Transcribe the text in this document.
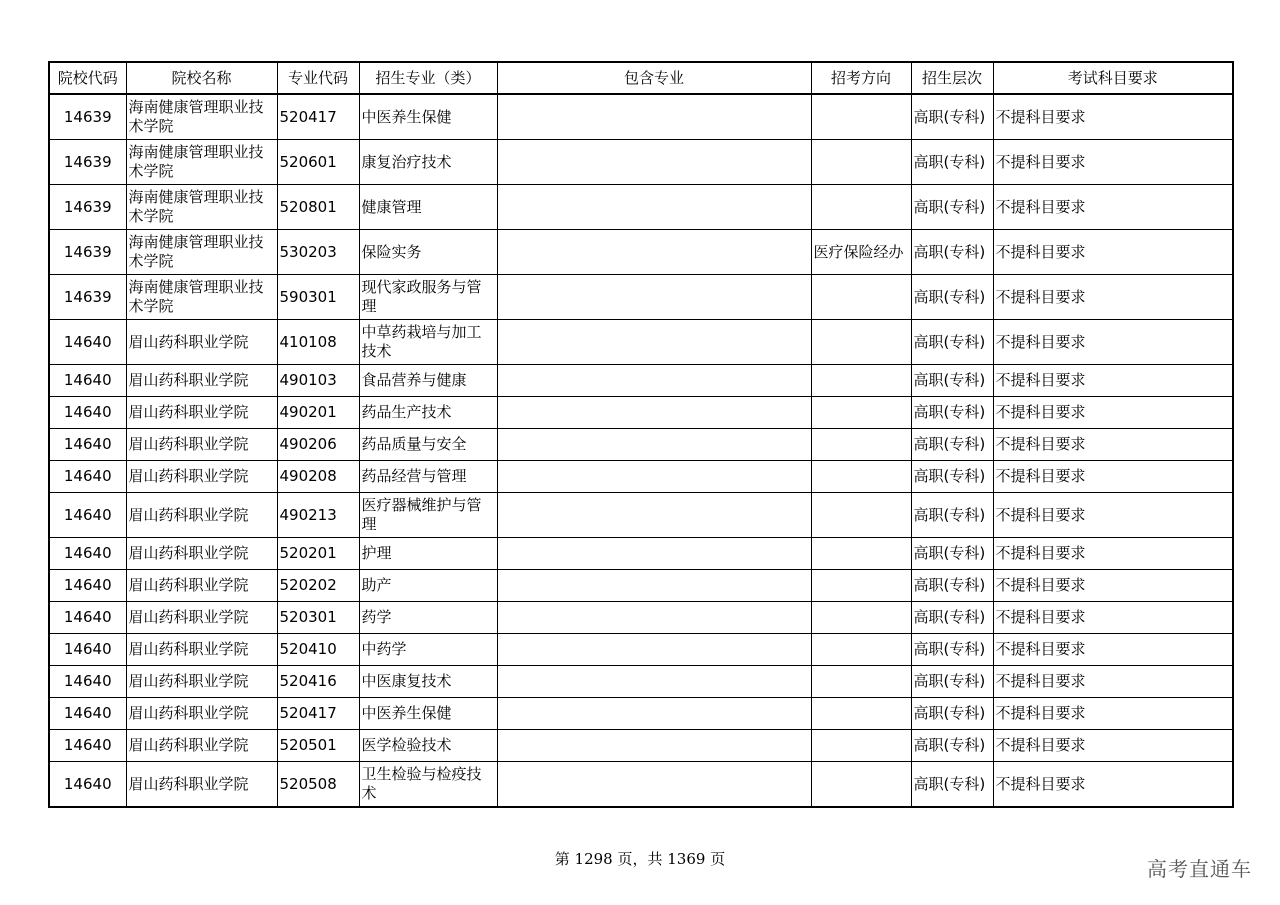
院校代码	院校名称	专业代码	招生专业（类）	包含专业	招考方向	招生层次	考试科目要求
14639	海南健康管理职业技术学院	520417	中医养生保健			高职(专科)	不提科目要求
14639	海南健康管理职业技术学院	520601	康复治疗技术			高职(专科)	不提科目要求
14639	海南健康管理职业技术学院	520801	健康管理			高职(专科)	不提科目要求
14639	海南健康管理职业技术学院	530203	保险实务		医疗保险经办	高职(专科)	不提科目要求
14639	海南健康管理职业技术学院	590301	现代家政服务与管理			高职(专科)	不提科目要求
14640	眉山药科职业学院	410108	中草药栽培与加工技术			高职(专科)	不提科目要求
14640	眉山药科职业学院	490103	食品营养与健康			高职(专科)	不提科目要求
14640	眉山药科职业学院	490201	药品生产技术			高职(专科)	不提科目要求
14640	眉山药科职业学院	490206	药品质量与安全			高职(专科)	不提科目要求
14640	眉山药科职业学院	490208	药品经营与管理			高职(专科)	不提科目要求
14640	眉山药科职业学院	490213	医疗器械维护与管理			高职(专科)	不提科目要求
14640	眉山药科职业学院	520201	护理			高职(专科)	不提科目要求
14640	眉山药科职业学院	520202	助产			高职(专科)	不提科目要求
14640	眉山药科职业学院	520301	药学			高职(专科)	不提科目要求
14640	眉山药科职业学院	520410	中药学			高职(专科)	不提科目要求
14640	眉山药科职业学院	520416	中医康复技术			高职(专科)	不提科目要求
14640	眉山药科职业学院	520417	中医养生保健			高职(专科)	不提科目要求
14640	眉山药科职业学院	520501	医学检验技术			高职(专科)	不提科目要求
14640	眉山药科职业学院	520508	卫生检验与检疫技术			高职(专科)	不提科目要求
第 1298 页，共 1369 页	高考直通车
